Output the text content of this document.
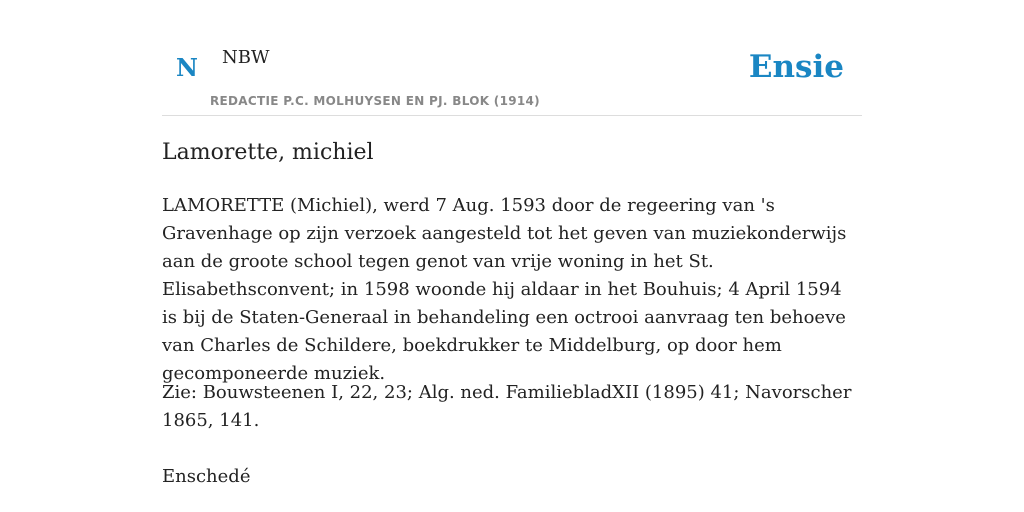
N NBW
REDACTIE P.C. MOLHUYSEN EN PJ. BLOK (1914)
Ensie
Lamorette, michiel

LAMORETTE (Michiel), werd 7 Aug. 1593 door de regeering van 's Gravenhage op zijn verzoek aangesteld tot het geven van muziekonderwijs aan de groote school tegen genot van vrije woning in het St. Elisabethsconvent; in 1598 woonde hij aldaar in het Bouhuis; 4 April 1594 is bij de Staten-Generaal in behandeling een octrooi aanvraag ten behoeve van Charles de Schildere, boekdrukker te Middelburg, op door hem gecomponeerde muziek.

Zie: Bouwsteenen I, 22, 23; Alg. ned. FamiliebladXII (1895) 41; Navorscher 1865, 141.

Enschedé
